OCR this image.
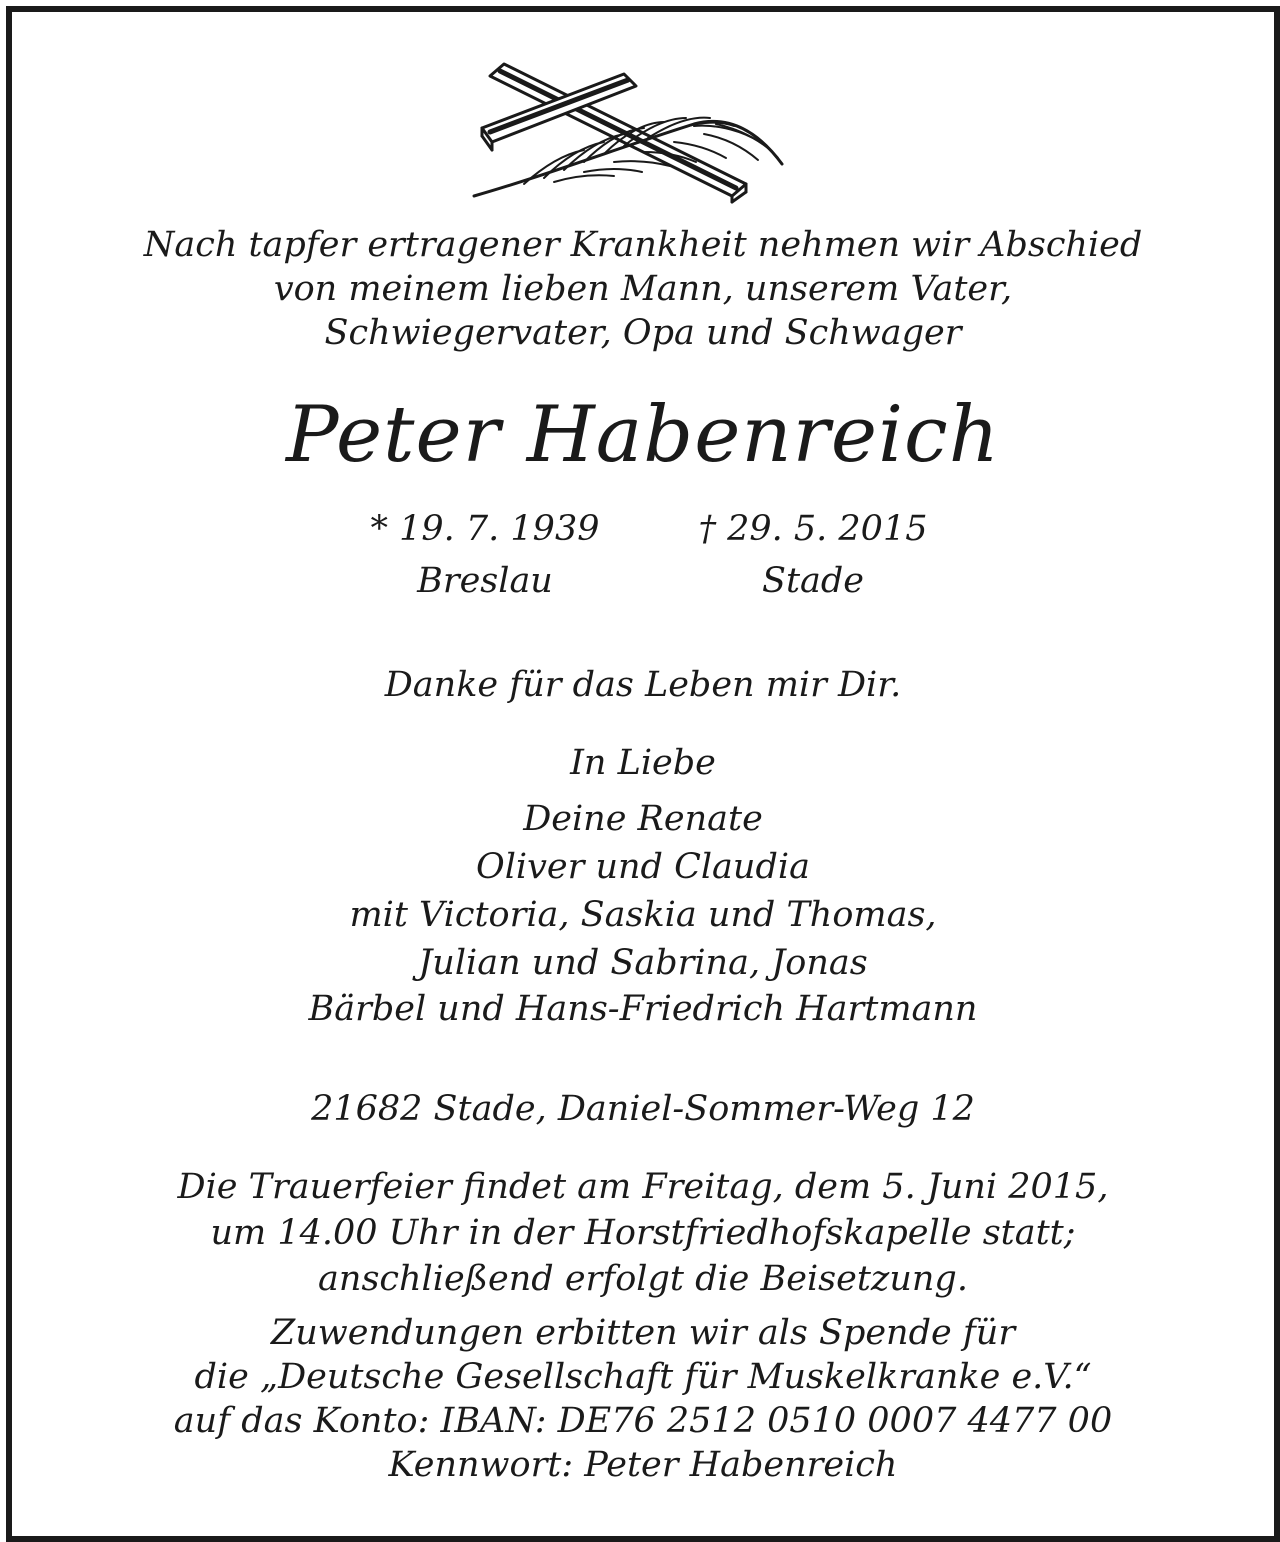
Nach tapfer ertragener Krankheit nehmen wir Abschied
von meinem lieben Mann, unserem Vater,
Schwiegervater, Opa und Schwager
Peter Habenreich
* 19. 7. 1939	† 29. 5. 2015
Breslau	Stade
Danke für das Leben mir Dir.
In Liebe
Deine Renate
Oliver und Claudia
mit Victoria, Saskia und Thomas,
Julian und Sabrina, Jonas
Bärbel und Hans-Friedrich Hartmann
21682 Stade, Daniel-Sommer-Weg 12
Die Trauerfeier findet am Freitag, dem 5. Juni 2015,
um 14.00 Uhr in der Horstfriedhofskapelle statt;
anschließend erfolgt die Beisetzung.
Zuwendungen erbitten wir als Spende für
die „Deutsche Gesellschaft für Muskelkranke e.V.“
auf das Konto: IBAN: DE76 2512 0510 0007 4477 00
Kennwort: Peter Habenreich
